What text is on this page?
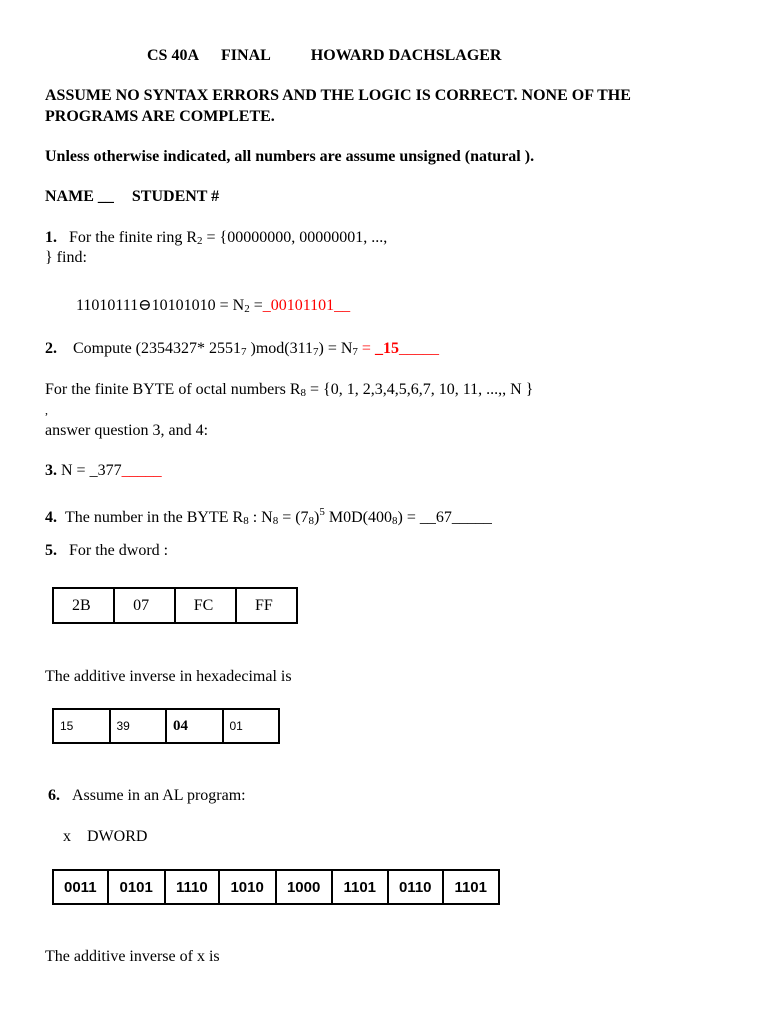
CS 40A FINAL	HOWARD DACHSLAGER
ASSUME NO SYNTAX ERRORS AND THE LOGIC IS CORRECT. NONE OF THE
PROGRAMS ARE COMPLETE.
Unless otherwise indicated, all numbers are assume unsigned (natural ).
NAME __ STUDENT #
1. For the finite ring R2 = {00000000, 00000001, ...,
} find:
11010111⊖10101010 = N2 =_00101101__
2. Compute (2354327* 25517 )mod(3117) = N7 = _15_____
For the finite BYTE of octal numbers R8 = {0, 1, 2,3,4,5,6,7, 10, 11, ...,, N }
,
answer question 3, and 4:
3. N = _377_____
4. The number in the BYTE R8 : $N8 = (78)^5$ M0D(4008) = __67_____
5. For the dword :
2B	07	FC	FF
The additive inverse in hexadecimal is
15	39	04	01
6. Assume in an AL program:
x DWORD
0011	0101	1110	1010	1000	1101	0110	1101
The additive inverse of x is
